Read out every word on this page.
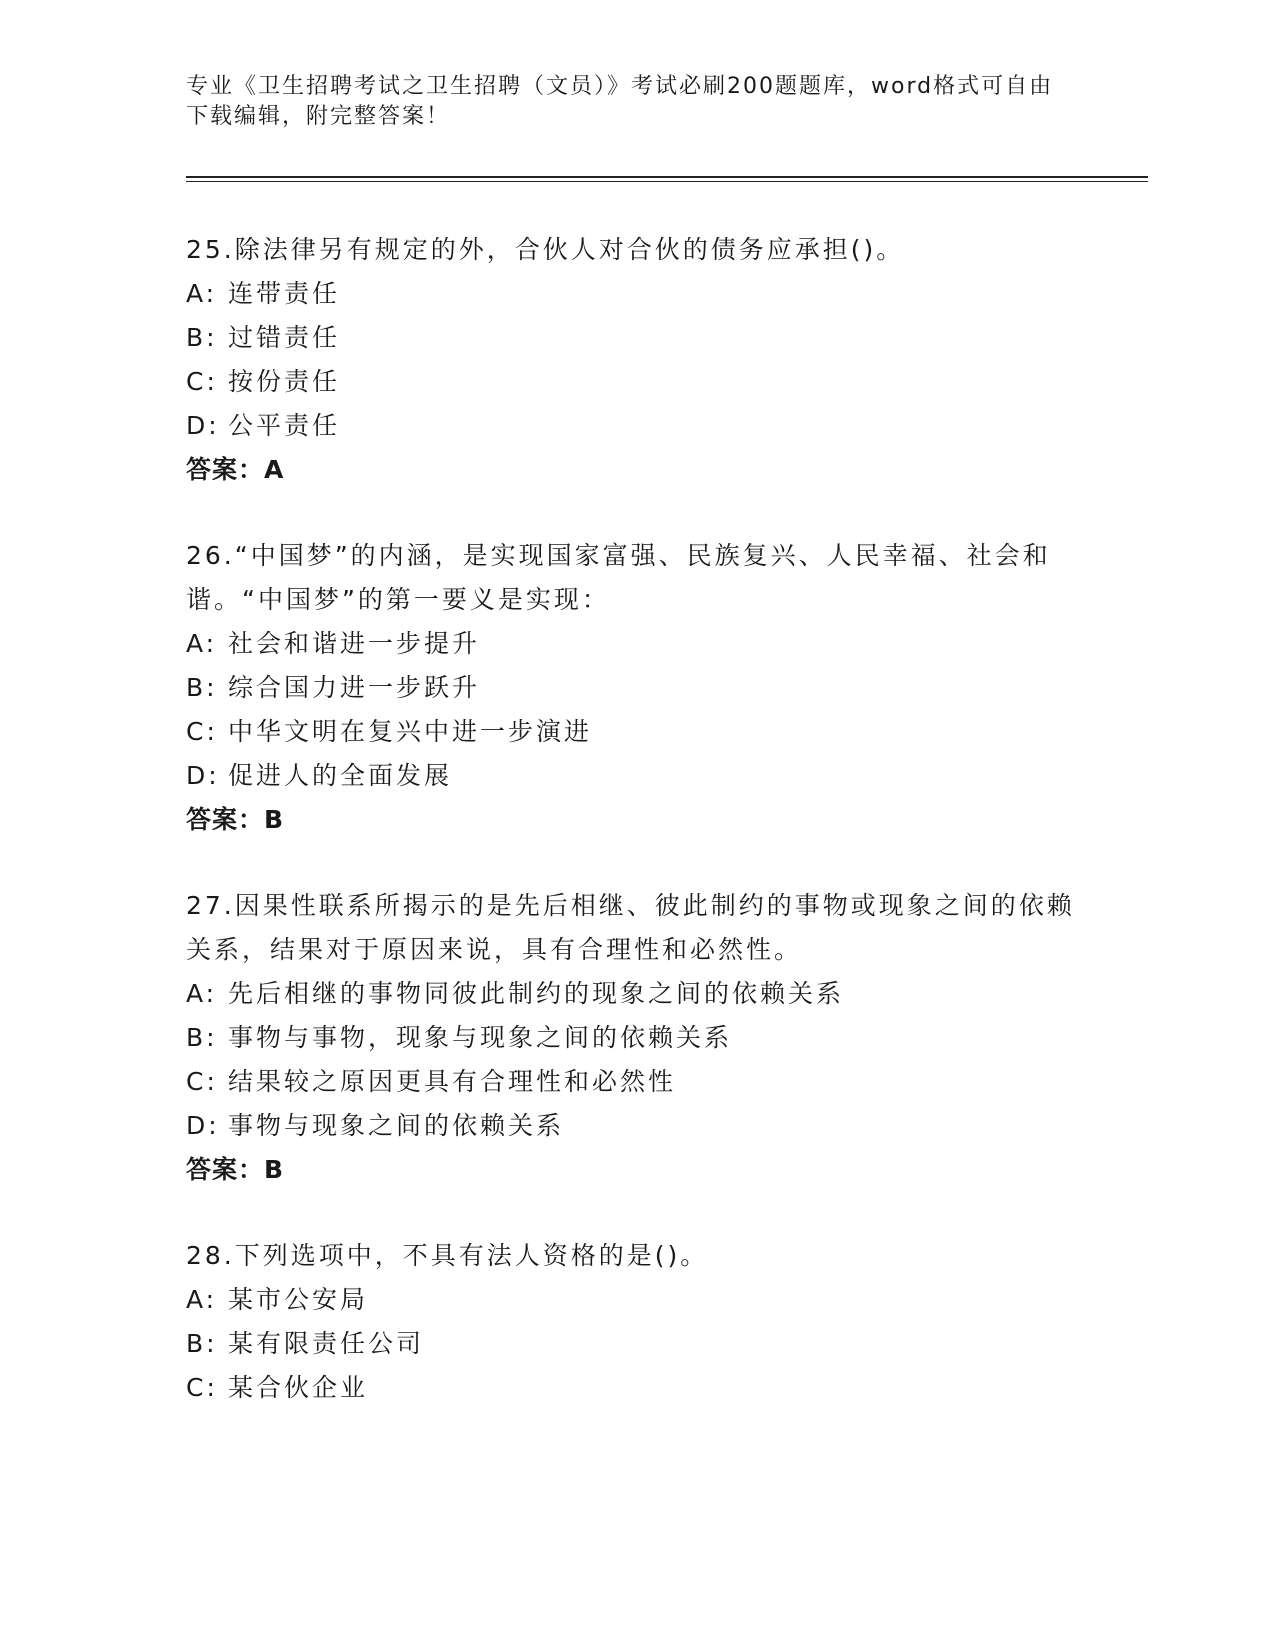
专业《卫生招聘考试之卫生招聘（文员）》考试必刷200题题库，word格式可自由下载编辑，附完整答案！

25.除法律另有规定的外，合伙人对合伙的债务应承担()。

A: 连带责任

B: 过错责任

C: 按份责任

D: 公平责任

答案：A

26.“中国梦”的内涵，是实现国家富强、民族复兴、人民幸福、社会和谐。“中国梦”的第一要义是实现：

A: 社会和谐进一步提升

B: 综合国力进一步跃升

C: 中华文明在复兴中进一步演进

D: 促进人的全面发展

答案：B

27.因果性联系所揭示的是先后相继、彼此制约的事物或现象之间的依赖关系，结果对于原因来说，具有合理性和必然性。

A: 先后相继的事物同彼此制约的现象之间的依赖关系

B: 事物与事物，现象与现象之间的依赖关系

C: 结果较之原因更具有合理性和必然性

D: 事物与现象之间的依赖关系

答案：B

28.下列选项中，不具有法人资格的是()。

A: 某市公安局

B: 某有限责任公司

C: 某合伙企业
